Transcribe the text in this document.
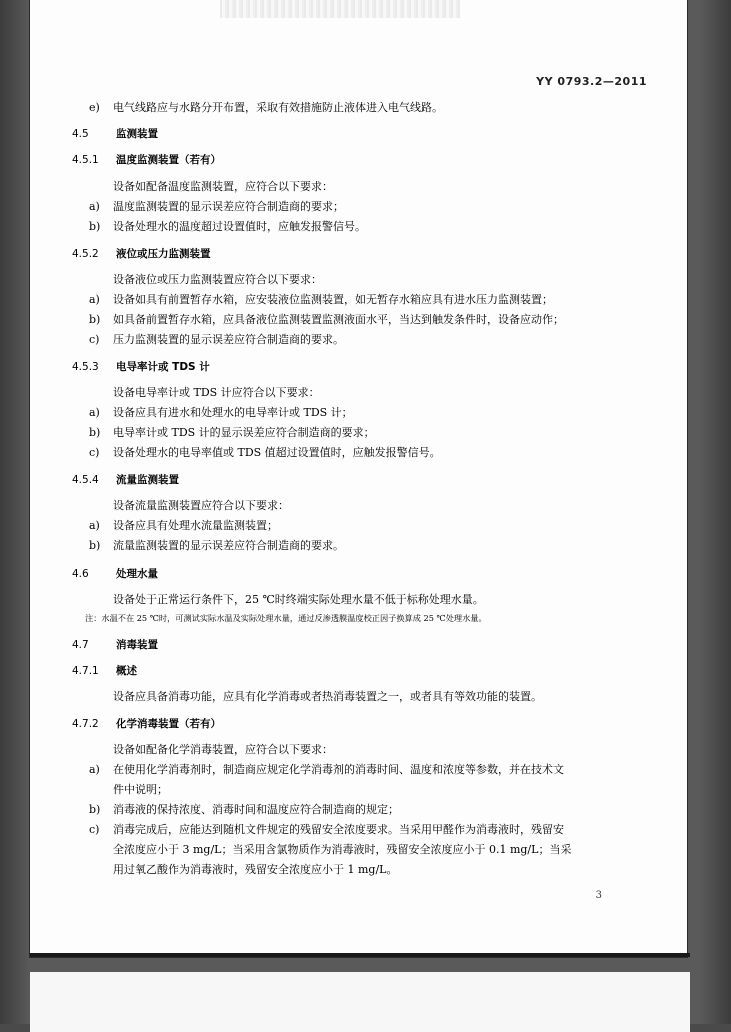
YY 0793.2—2011
e) 电气线路应与水路分开布置，采取有效措施防止液体进入电气线路。
4.5	监测装置
4.5.1 温度监测装置（若有）
设备如配备温度监测装置，应符合以下要求：
a) 温度监测装置的显示误差应符合制造商的要求；
b) 设备处理水的温度超过设置值时，应触发报警信号。
4.5.2 液位或压力监测装置
设备液位或压力监测装置应符合以下要求：
a) 设备如具有前置暂存水箱，应安装液位监测装置，如无暂存水箱应具有进水压力监测装置；
b) 如具备前置暂存水箱，应具备液位监测装置监测液面水平，当达到触发条件时，设备应动作；
c) 压力监测装置的显示误差应符合制造商的要求。
4.5.3 电导率计或 TDS 计
设备电导率计或 TDS 计应符合以下要求：
a) 设备应具有进水和处理水的电导率计或 TDS 计；
b) 电导率计或 TDS 计的显示误差应符合制造商的要求；
c) 设备处理水的电导率值或 TDS 值超过设置值时，应触发报警信号。
4.5.4 流量监测装置
设备流量监测装置应符合以下要求：
a) 设备应具有处理水流量监测装置；
b) 流量监测装置的显示误差应符合制造商的要求。
4.6	处理水量
设备处于正常运行条件下，25 ℃时终端实际处理水量不低于标称处理水量。
注：水温不在 25 ℃时，可测试实际水温及实际处理水量，通过反渗透膜温度校正因子换算成 25 ℃处理水量。
4.7	消毒装置
4.7.1 概述
设备应具备消毒功能，应具有化学消毒或者热消毒装置之一，或者具有等效功能的装置。
4.7.2 化学消毒装置（若有）
设备如配备化学消毒装置，应符合以下要求：
a) 在使用化学消毒剂时，制造商应规定化学消毒剂的消毒时间、温度和浓度等参数，并在技术文
件中说明；
b) 消毒液的保持浓度、消毒时间和温度应符合制造商的规定；
c) 消毒完成后，应能达到随机文件规定的残留安全浓度要求。当采用甲醛作为消毒液时，残留安
全浓度应小于 3 mg/L；当采用含氯物质作为消毒液时，残留安全浓度应小于 0.1 mg/L；当采
用过氧乙酸作为消毒液时，残留安全浓度应小于 1 mg/L。
3
